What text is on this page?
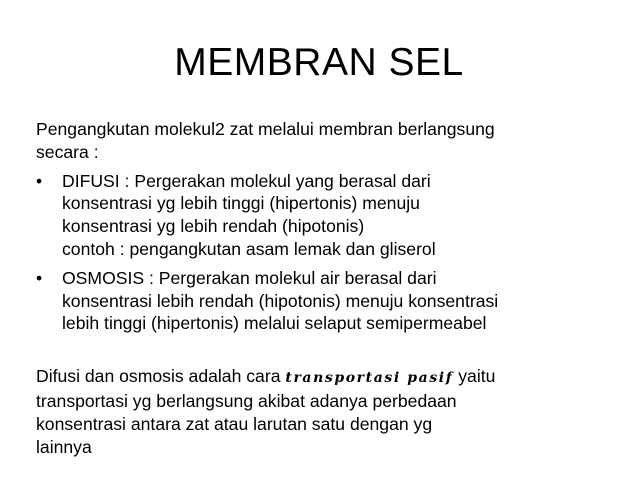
MEMBRAN SEL
Pengangkutan molekul2 zat melalui membran berlangsung
secara :
•	DIFUSI : Pergerakan molekul yang berasal dari
konsentrasi yg lebih tinggi (hipertonis) menuju
konsentrasi yg lebih rendah (hipotonis)
contoh : pengangkutan asam lemak dan gliserol
•	OSMOSIS : Pergerakan molekul air berasal dari
konsentrasi lebih rendah (hipotonis) menuju konsentrasi
lebih tinggi (hipertonis) melalui selaput semipermeabel
Difusi dan osmosis adalah cara transportasi pasif yaitu
transportasi yg berlangsung akibat adanya perbedaan
konsentrasi antara zat atau larutan satu dengan yg
lainnya
